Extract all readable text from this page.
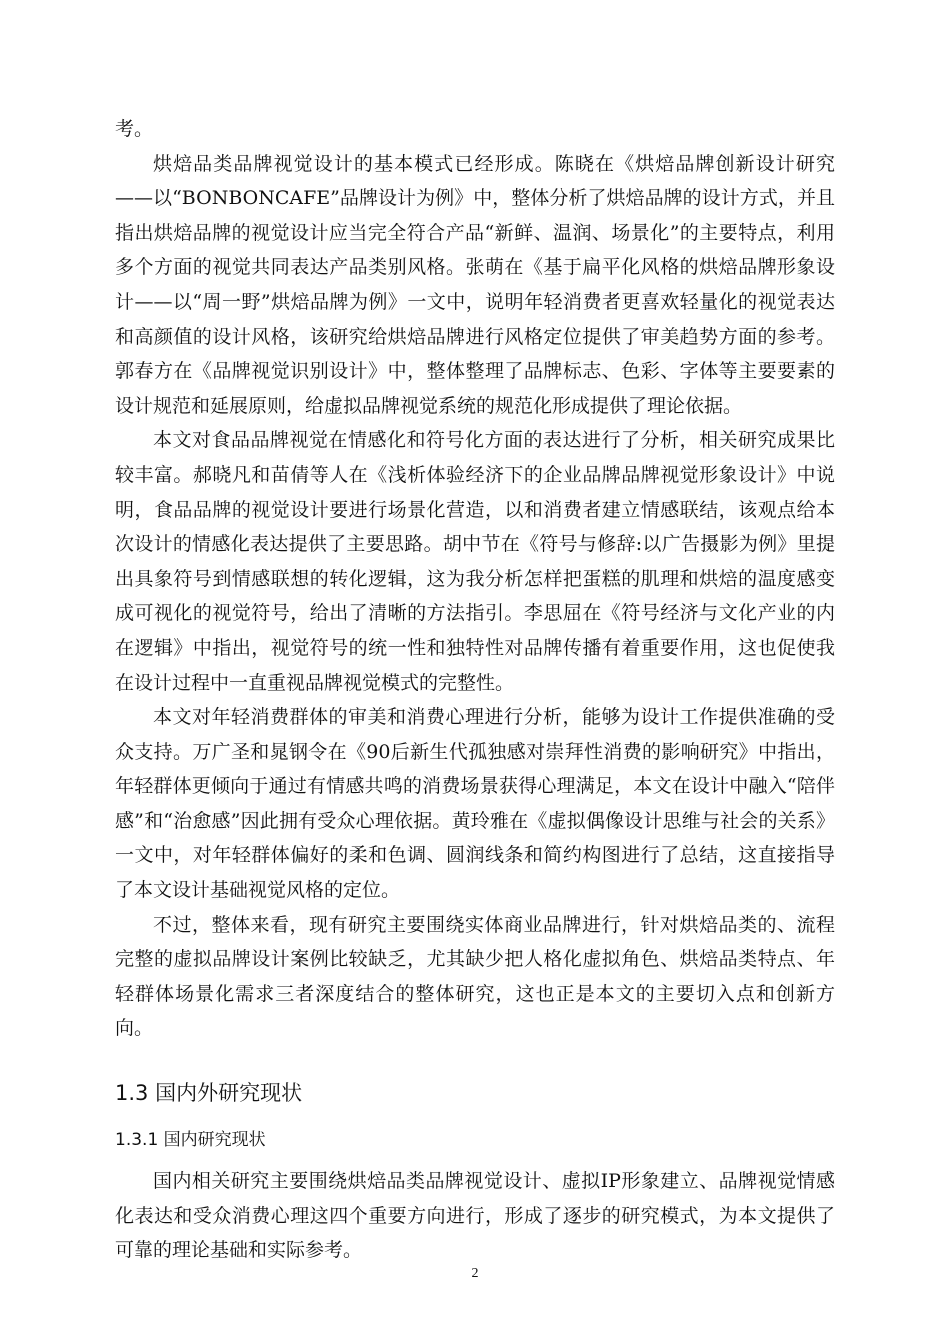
考。

烘焙品类品牌视觉设计的基本模式已经形成。陈晓在《烘焙品牌创新设计研究——以“BONBONCAFE”品牌设计为例》中，整体分析了烘焙品牌的设计方式，并且指出烘焙品牌的视觉设计应当完全符合产品“新鲜、温润、场景化”的主要特点，利用多个方面的视觉共同表达产品类别风格。张萌在《基于扁平化风格的烘焙品牌形象设计——以“周一野”烘焙品牌为例》一文中，说明年轻消费者更喜欢轻量化的视觉表达和高颜值的设计风格，该研究给烘焙品牌进行风格定位提供了审美趋势方面的参考。郭春方在《品牌视觉识别设计》中，整体整理了品牌标志、色彩、字体等主要要素的设计规范和延展原则，给虚拟品牌视觉系统的规范化形成提供了理论依据。

本文对食品品牌视觉在情感化和符号化方面的表达进行了分析，相关研究成果比较丰富。郝晓凡和苗倩等人在《浅析体验经济下的企业品牌品牌视觉形象设计》中说明，食品品牌的视觉设计要进行场景化营造，以和消费者建立情感联结，该观点给本次设计的情感化表达提供了主要思路。胡中节在《符号与修辞:以广告摄影为例》里提出具象符号到情感联想的转化逻辑，这为我分析怎样把蛋糕的肌理和烘焙的温度感变成可视化的视觉符号，给出了清晰的方法指引。李思屈在《符号经济与文化产业的内在逻辑》中指出，视觉符号的统一性和独特性对品牌传播有着重要作用，这也促使我在设计过程中一直重视品牌视觉模式的完整性。

本文对年轻消费群体的审美和消费心理进行分析，能够为设计工作提供准确的受众支持。万广圣和晁钢令在《90后新生代孤独感对崇拜性消费的影响研究》中指出，年轻群体更倾向于通过有情感共鸣的消费场景获得心理满足，本文在设计中融入“陪伴感”和“治愈感”因此拥有受众心理依据。黄玲雅在《虚拟偶像设计思维与社会的关系》一文中，对年轻群体偏好的柔和色调、圆润线条和简约构图进行了总结，这直接指导了本文设计基础视觉风格的定位。

不过，整体来看，现有研究主要围绕实体商业品牌进行，针对烘焙品类的、流程完整的虚拟品牌设计案例比较缺乏，尤其缺少把人格化虚拟角色、烘焙品类特点、年轻群体场景化需求三者深度结合的整体研究，这也正是本文的主要切入点和创新方向。

1.3 国内外研究现状
1.3.1 国内研究现状

国内相关研究主要围绕烘焙品类品牌视觉设计、虚拟IP形象建立、品牌视觉情感化表达和受众消费心理这四个重要方向进行，形成了逐步的研究模式，为本文提供了可靠的理论基础和实际参考。

2
